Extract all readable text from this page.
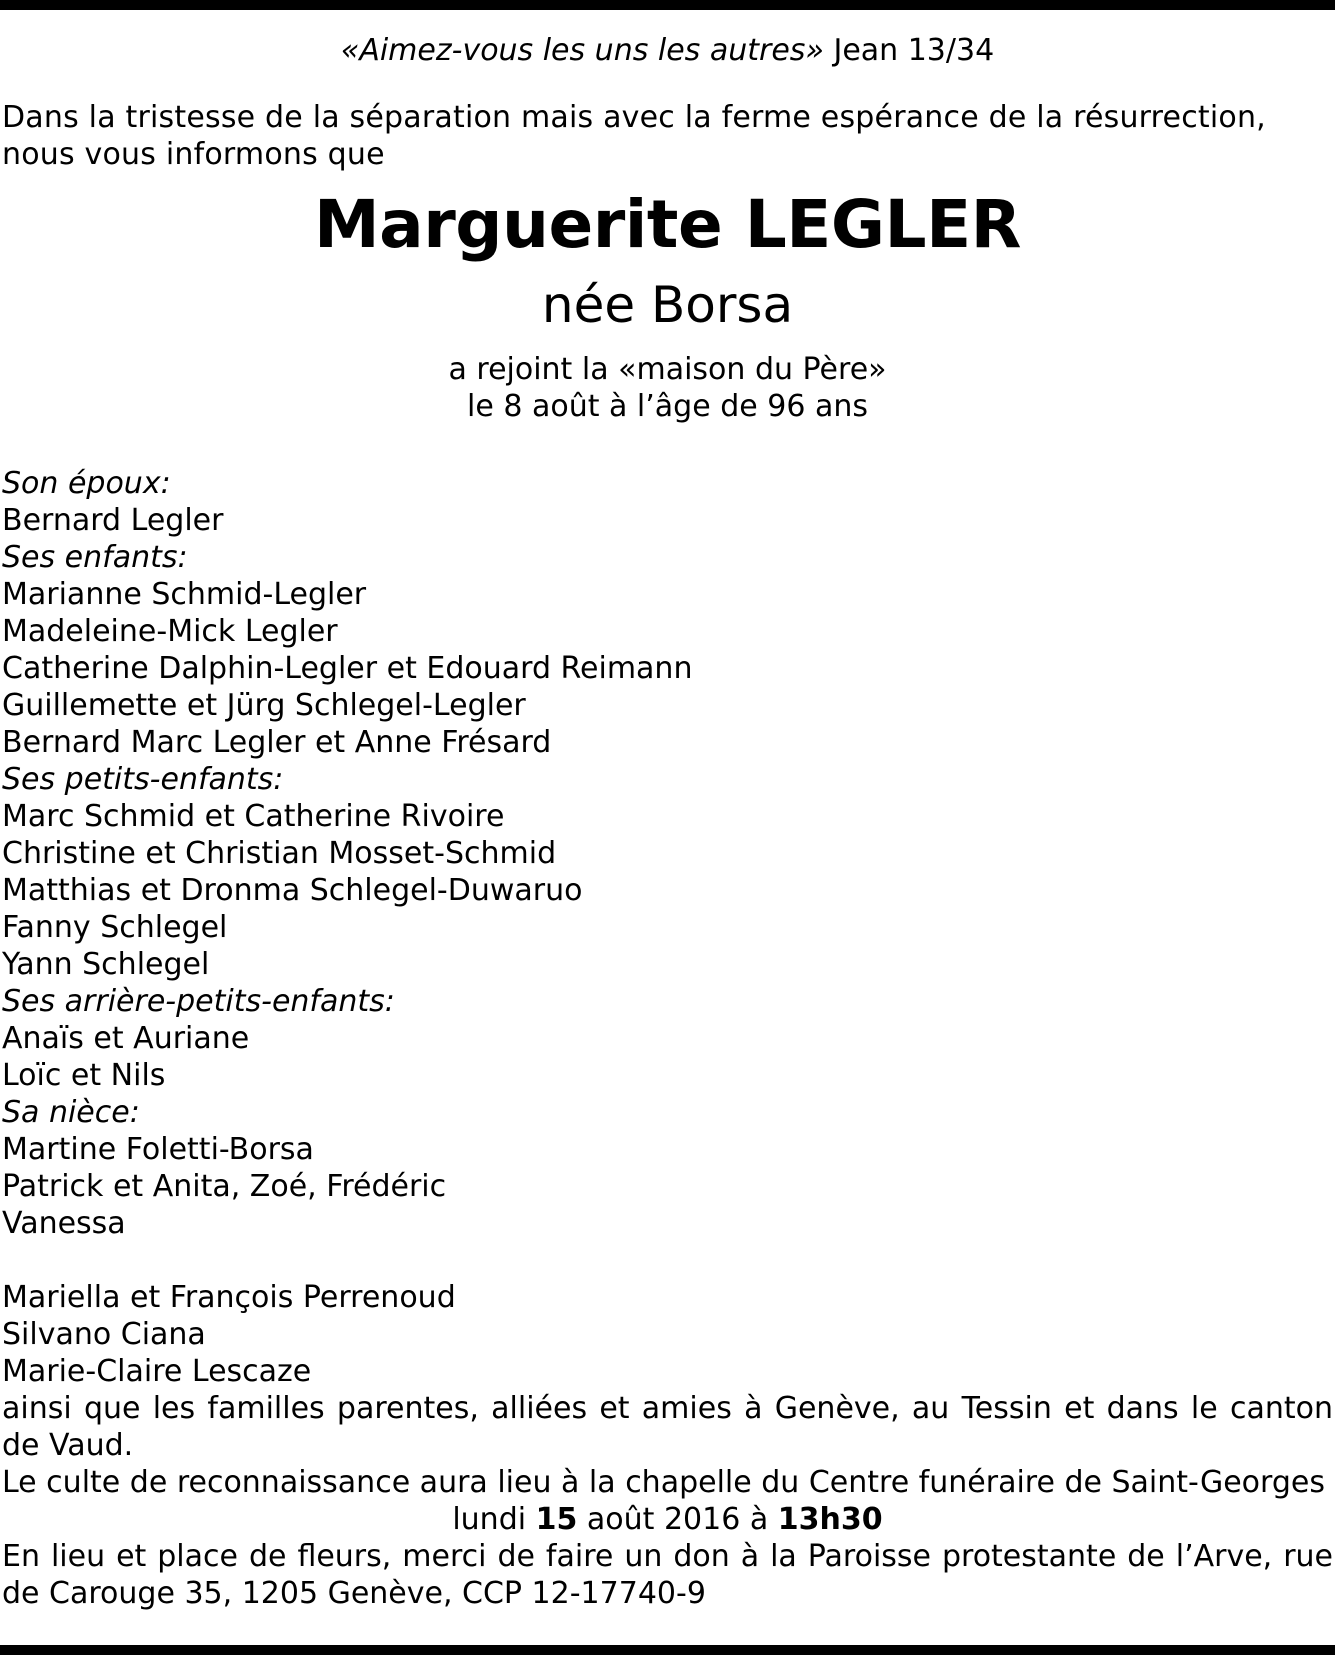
«Aimez-vous les uns les autres» Jean 13/34
Dans la tristesse de la séparation mais avec la ferme espérance de la résurrection, nous vous informons que
Marguerite LEGLER
née Borsa
a rejoint la «maison du Père»
le 8 août à l’âge de 96 ans
Son époux:
Bernard Legler
Ses enfants:
Marianne Schmid-Legler
Madeleine-Mick Legler
Catherine Dalphin-Legler et Edouard Reimann
Guillemette et Jürg Schlegel-Legler
Bernard Marc Legler et Anne Frésard
Ses petits-enfants:
Marc Schmid et Catherine Rivoire
Christine et Christian Mosset-Schmid
Matthias et Dronma Schlegel-Duwaruo
Fanny Schlegel
Yann Schlegel
Ses arrière-petits-enfants:
Anaïs et Auriane
Loïc et Nils
Sa nièce:
Martine Foletti-Borsa
Patrick et Anita, Zoé, Frédéric
Vanessa
Mariella et François Perrenoud
Silvano Ciana
Marie-Claire Lescaze
ainsi que les familles parentes, alliées et amies à Genève, au Tessin et dans le canton de Vaud.
Le culte de reconnaissance aura lieu à la chapelle du Centre funéraire de Saint-Georges
lundi 15 août 2016 à 13h30
En lieu et place de fleurs, merci de faire un don à la Paroisse protestante de l’Arve, rue de Carouge 35, 1205 Genève, CCP 12-17740-9
